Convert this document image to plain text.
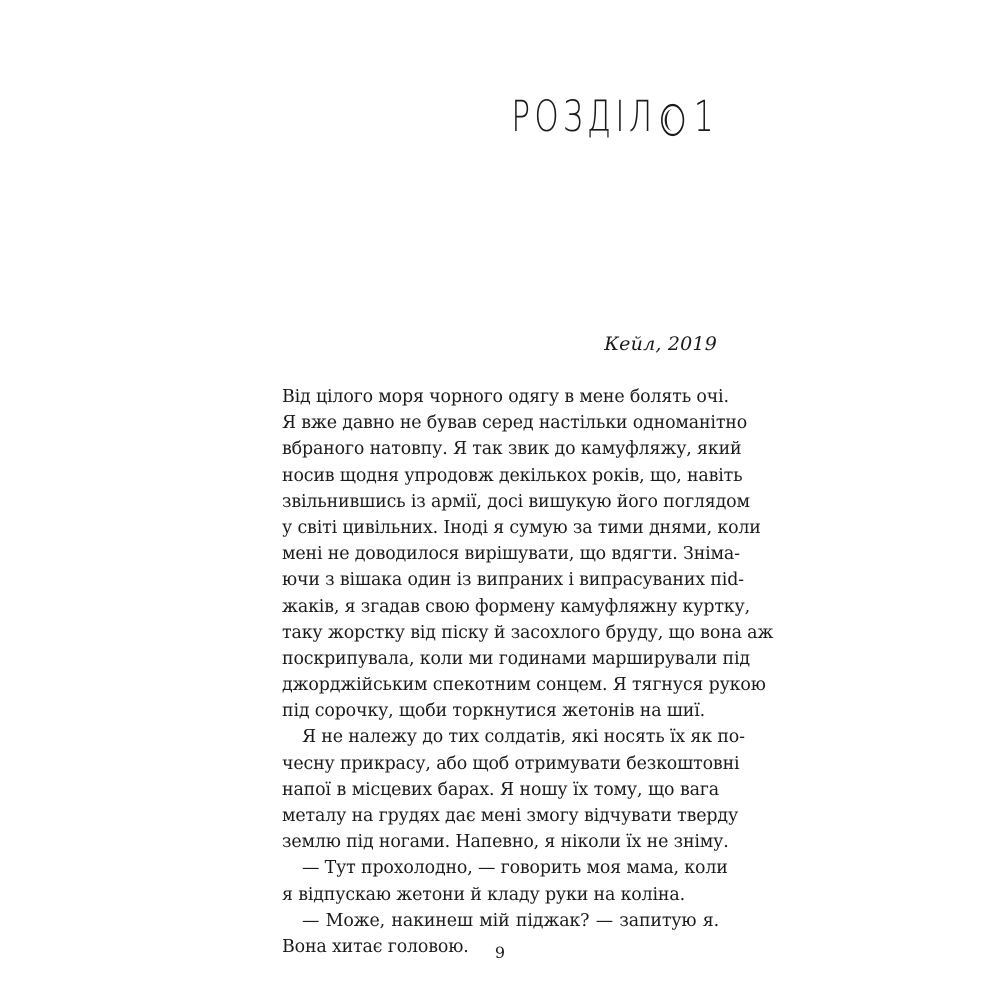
РОЗДІЛ 1
Кейл, 2019
Від цілого моря чорного одягу в мене болять очі.
Я вже давно не бував серед настільки одноманітно
вбраного натовпу. Я так звик до камуфляжу, який
носив щодня упродовж декількох років, що, навіть
звільнившись із армії, досі вишукую його поглядом
у світі цивільних. Іноді я сумую за тими днями, коли
мені не доводилося вирішувати, що вдягти. Зніма-
ючи з вішака один із випраних і випрасуваних пid-
жаків, я згадав свою формену камуфляжну куртку,
таку жорстку від піску й засохлого бруду, що вона аж
поскрипувала, коли ми годинами марширували під
джорджійським спекотним сонцем. Я тягнуся рукою
під сорочку, щоби торкнутися жетонів на шиї.
Я не належу до тих солдатів, які носять їх як по-
чесну прикрасу, або щоб отримувати безкоштовні
напої в місцевих барах. Я ношу їх тому, що вага
металу на грудях дає мені змогу відчувати тверду
землю під ногами. Напевно, я ніколи їх не зніму.
— Тут прохолодно, — говорить моя мама, коли
я відпускаю жетони й кладу руки на коліна.
— Може, накинеш мій піджак? — запитую я.
Вона хитає головою.	9
